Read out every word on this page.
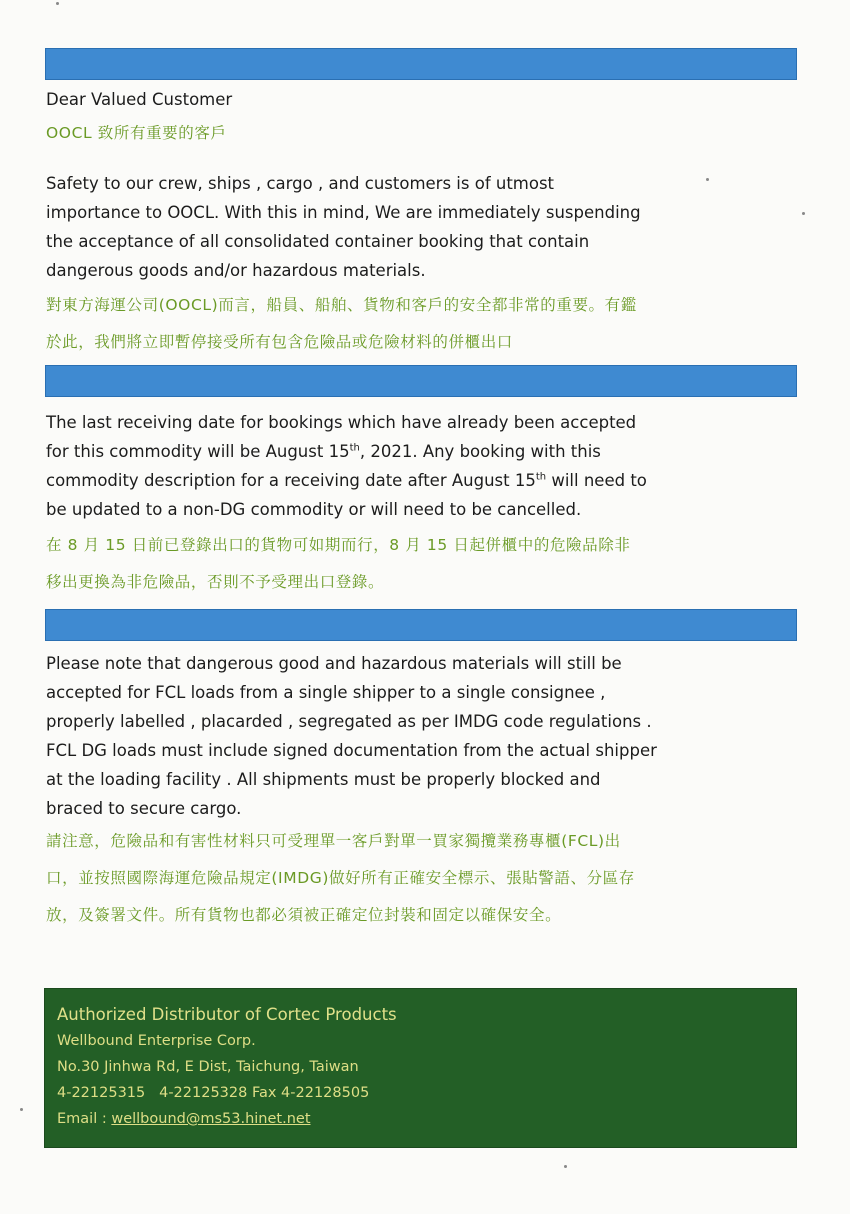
Dear Valued Customer

OOCL 致所有重要的客戶

Safety to our crew, ships , cargo , and customers is of utmost
importance to OOCL. With this in mind, We are immediately suspending
the acceptance of all consolidated container booking that contain
dangerous goods and/or hazardous materials.
對東方海運公司(OOCL)而言，船員、船舶、貨物和客戶的安全都非常的重要。有鑑
於此，我們將立即暫停接受所有包含危險品或危險材料的併櫃出口
The last receiving date for bookings which have already been accepted
for this commodity will be August 15th, 2021. Any booking with this
commodity description for a receiving date after August 15th will need to
be updated to a non-DG commodity or will need to be cancelled.
在 8 月 15 日前已登錄出口的貨物可如期而行，8 月 15 日起併櫃中的危險品除非
移出更換為非危險品，否則不予受理出口登錄。
Please note that dangerous good and hazardous materials will still be
accepted for FCL loads from a single shipper to a single consignee ,
properly labelled , placarded , segregated as per IMDG code regulations .
FCL DG loads must include signed documentation from the actual shipper
at the loading facility . All shipments must be properly blocked and
braced to secure cargo.
請注意，危險品和有害性材料只可受理單一客戶對單一買家獨攬業務專櫃(FCL)出
口，並按照國際海運危險品規定(IMDG)做好所有正確安全標示、張貼警語、分區存
放，及簽署文件。所有貨物也都必須被正確定位封裝和固定以確保安全。
Authorized Distributor of Cortec Products
Wellbound Enterprise Corp.
No.30 Jinhwa Rd, E Dist, Taichung, Taiwan
4-22125315   4-22125328 Fax 4-22128505
Email : wellbound@ms53.hinet.net
